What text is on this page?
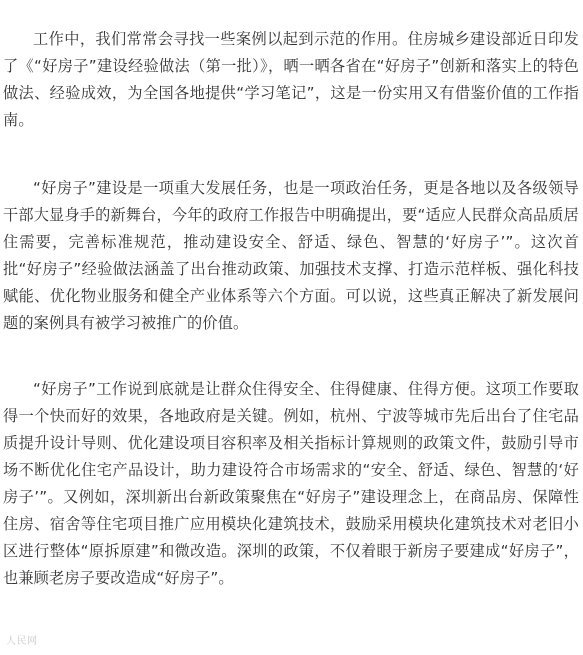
工作中，我们常常会寻找一些案例以起到示范的作用。住房城乡建设部近日印发了《“好房子”建设经验做法（第一批）》，晒一晒各省在“好房子”创新和落实上的特色做法、经验成效，为全国各地提供“学习笔记”，这是一份实用又有借鉴价值的工作指南。

“好房子”建设是一项重大发展任务，也是一项政治任务，更是各地以及各级领导干部大显身手的新舞台，今年的政府工作报告中明确提出，要“适应人民群众高品质居住需要，完善标准规范，推动建设安全、舒适、绿色、智慧的‘好房子’”。这次首批“好房子”经验做法涵盖了出台推动政策、加强技术支撑、打造示范样板、强化科技赋能、优化物业服务和健全产业体系等六个方面。可以说，这些真正解决了新发展问题的案例具有被学习被推广的价值。

“好房子”工作说到底就是让群众住得安全、住得健康、住得方便。这项工作要取得一个快而好的效果，各地政府是关键。例如，杭州、宁波等城市先后出台了住宅品质提升设计导则、优化建设项目容积率及相关指标计算规则的政策文件，鼓励引导市场不断优化住宅产品设计，助力建设符合市场需求的“安全、舒适、绿色、智慧的‘好房子’”。又例如，深圳新出台新政策聚焦在“好房子”建设理念上，在商品房、保障性住房、宿舍等住宅项目推广应用模块化建筑技术，鼓励采用模块化建筑技术对老旧小区进行整体“原拆原建”和微改造。深圳的政策，不仅着眼于新房子要建成“好房子”，也兼顾老房子要改造成“好房子”。

人民网
